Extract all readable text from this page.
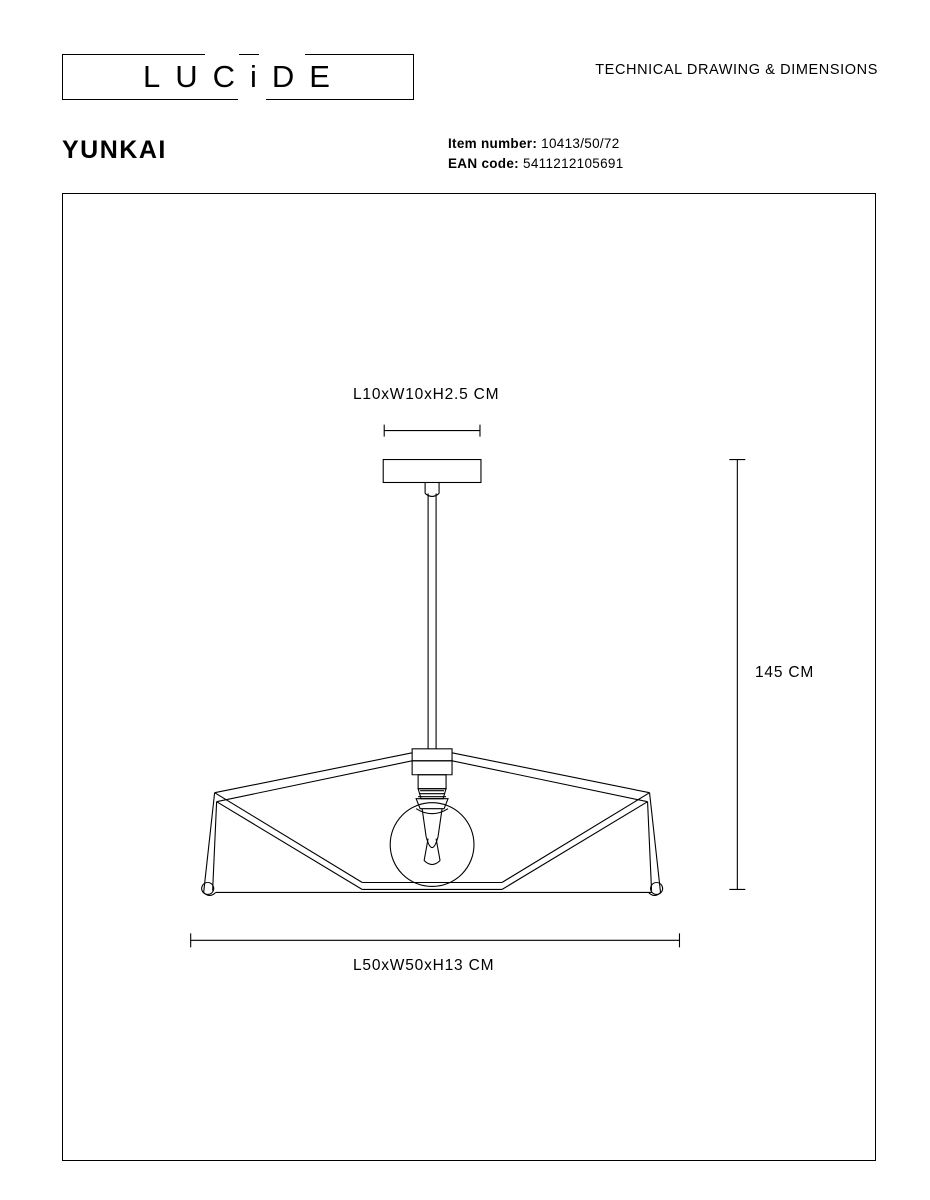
LUCiDE	TECHNICAL DRAWING & DIMENSIONS
YUNKAI	Item number: 10413/50/72
EAN code: 5411212105691
L10xW10xH2.5 CM
L50xW50xH13 CM
145 CM
